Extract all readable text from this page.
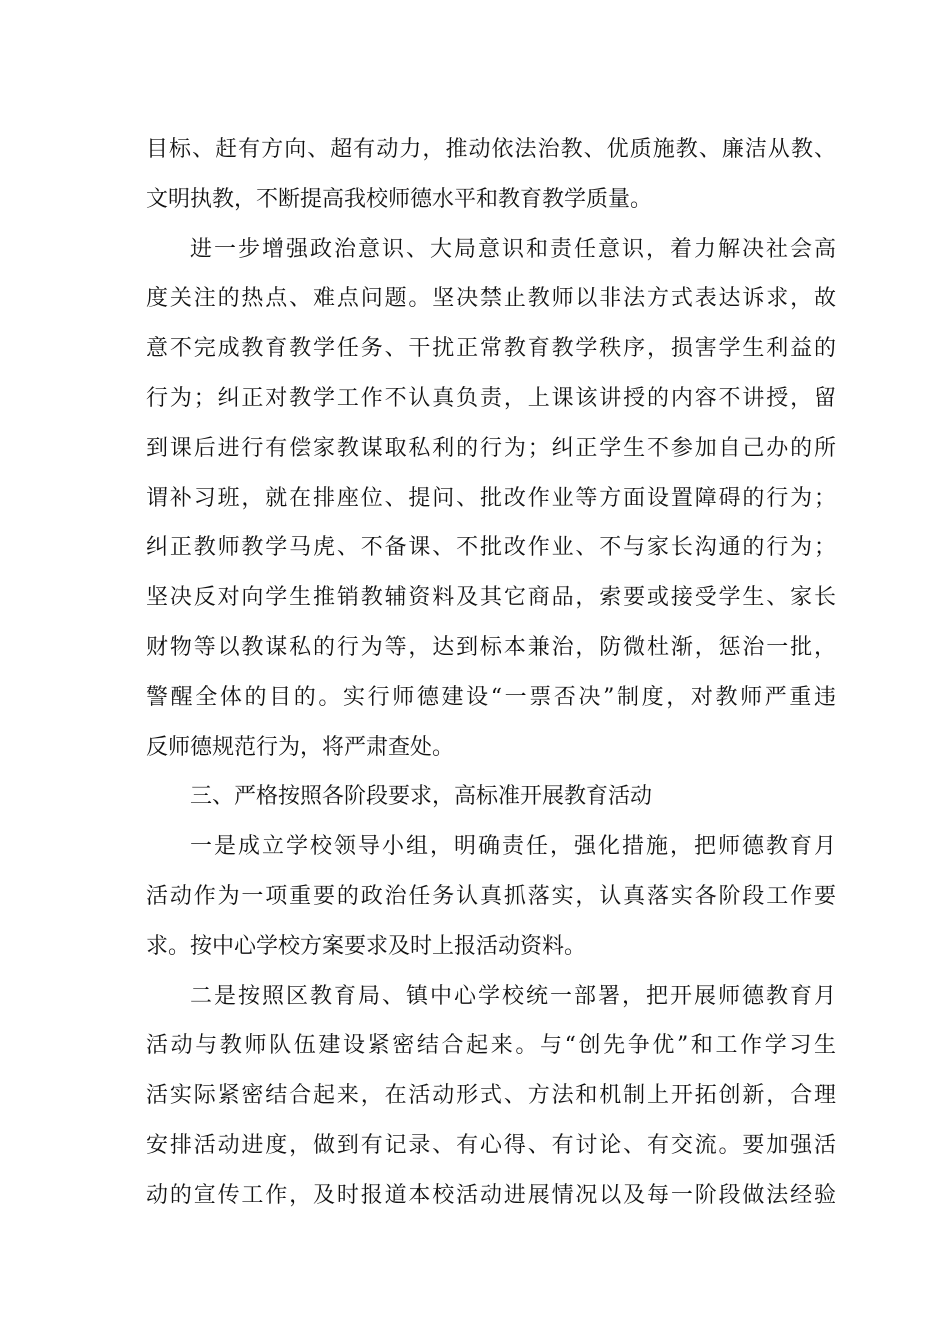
目标、赶有方向、超有动力，推动依法治教、优质施教、廉洁从教、
文明执教，不断提高我校师德水平和教育教学质量。
进一步增强政治意识、大局意识和责任意识，着力解决社会高
度关注的热点、难点问题。坚决禁止教师以非法方式表达诉求，故
意不完成教育教学任务、干扰正常教育教学秩序，损害学生利益的
行为；纠正对教学工作不认真负责，上课该讲授的内容不讲授，留
到课后进行有偿家教谋取私利的行为；纠正学生不参加自己办的所
谓补习班，就在排座位、提问、批改作业等方面设置障碍的行为；
纠正教师教学马虎、不备课、不批改作业、不与家长沟通的行为；
坚决反对向学生推销教辅资料及其它商品，索要或接受学生、家长
财物等以教谋私的行为等，达到标本兼治，防微杜渐，惩治一批，
警醒全体的目的。实行师德建设“一票否决”制度，对教师严重违
反师德规范行为，将严肃查处。
三、严格按照各阶段要求，高标准开展教育活动
一是成立学校领导小组，明确责任，强化措施，把师德教育月
活动作为一项重要的政治任务认真抓落实，认真落实各阶段工作要
求。按中心学校方案要求及时上报活动资料。
二是按照区教育局、镇中心学校统一部署，把开展师德教育月
活动与教师队伍建设紧密结合起来。与“创先争优”和工作学习生
活实际紧密结合起来，在活动形式、方法和机制上开拓创新，合理
安排活动进度，做到有记录、有心得、有讨论、有交流。要加强活
动的宣传工作，及时报道本校活动进展情况以及每一阶段做法经验
